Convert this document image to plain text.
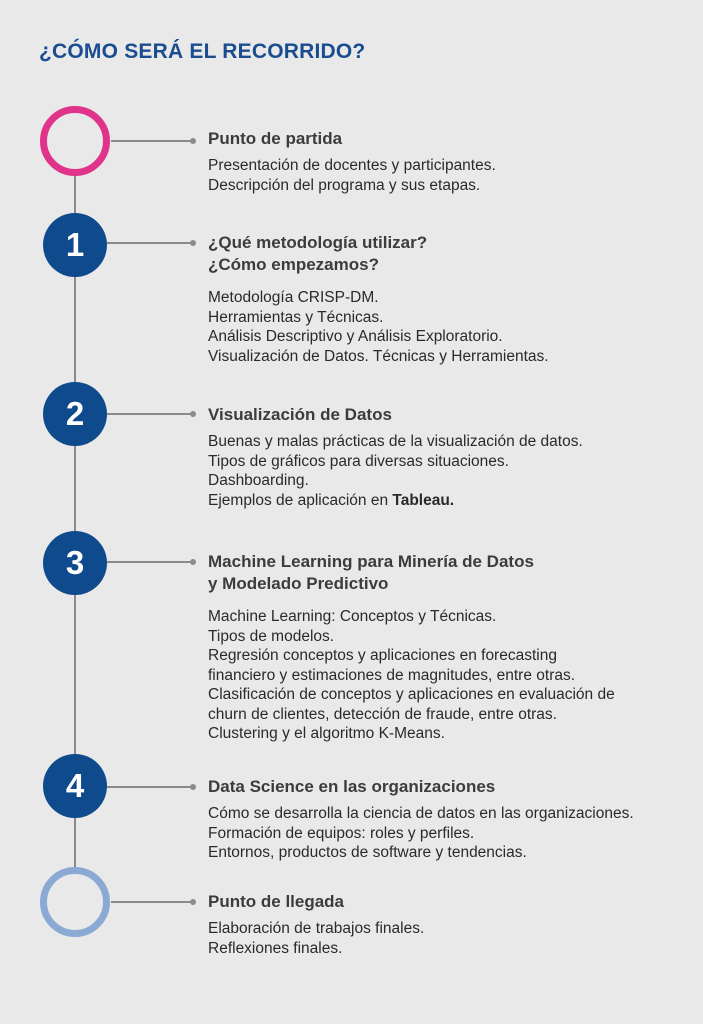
¿CÓMO SERÁ EL RECORRIDO?
Punto de partida
Presentación de docentes y participantes.
Descripción del programa y sus etapas.
1	¿Qué metodología utilizar?
¿Cómo empezamos?
Metodología CRISP-DM.
Herramientas y Técnicas.
Análisis Descriptivo y Análisis Exploratorio.
Visualización de Datos. Técnicas y Herramientas.
2	Visualización de Datos
Buenas y malas prácticas de la visualización de datos.
Tipos de gráficos para diversas situaciones.
Dashboarding.
Ejemplos de aplicación en Tableau.
3	Machine Learning para Minería de Datos
y Modelado Predictivo
Machine Learning: Conceptos y Técnicas.
Tipos de modelos.
Regresión conceptos y aplicaciones en forecasting
financiero y estimaciones de magnitudes, entre otras.
Clasificación de conceptos y aplicaciones en evaluación de
churn de clientes, detección de fraude, entre otras.
Clustering y el algoritmo K-Means.
4	Data Science en las organizaciones
Cómo se desarrolla la ciencia de datos en las organizaciones.
Formación de equipos: roles y perfiles.
Entornos, productos de software y tendencias.
Punto de llegada
Elaboración de trabajos finales.
Reflexiones finales.
